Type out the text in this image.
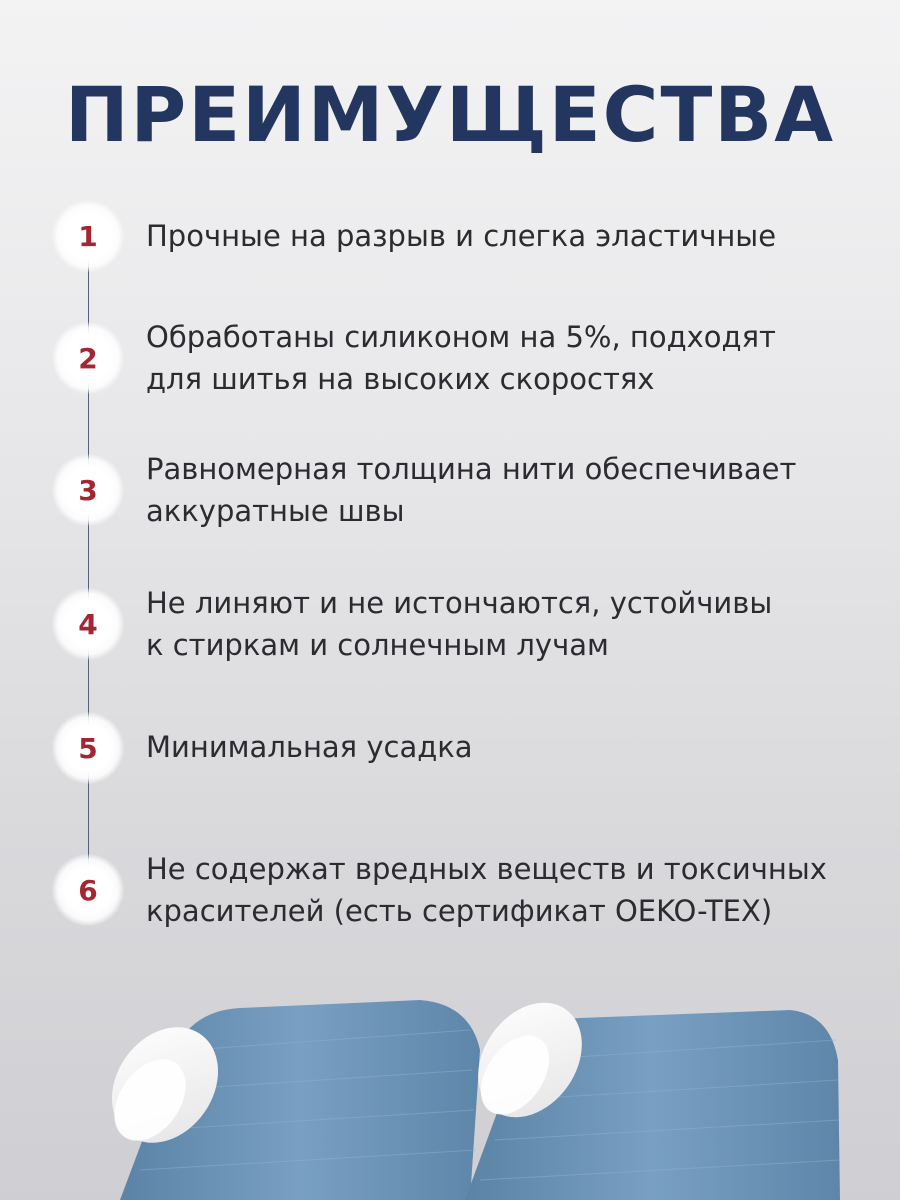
ПРЕИМУЩЕСТВА
1 Прочные на разрыв и слегка эластичные

2

Обработаны силиконом на 5%, подходят
для шитья на высоких скоростях

3

Равномерная толщина нити обеспечивает
аккуратные швы

4

Не линяют и не истончаются, устойчивы
к стиркам и солнечным лучам

5 Минимальная усадка

6

Не содержат вредных веществ и токсичных
красителей (есть сертификат OEKO-TEX)
